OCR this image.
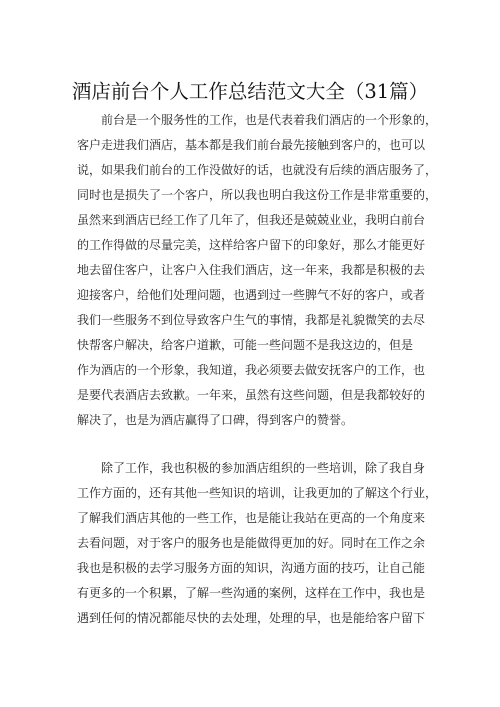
酒店前台个人工作总结范文大全（31篇）
　　前台是一个服务性的工作，也是代表着我们酒店的一个形象的，
客户走进我们酒店，基本都是我们前台最先接触到客户的，也可以
说，如果我们前台的工作没做好的话，也就没有后续的酒店服务了，
同时也是损失了一个客户，所以我也明白我这份工作是非常重要的，
虽然来到酒店已经工作了几年了，但我还是兢兢业业，我明白前台
的工作得做的尽量完美，这样给客户留下的印象好，那么才能更好
地去留住客户，让客户入住我们酒店，这一年来，我都是积极的去
迎接客户，给他们处理问题，也遇到过一些脾气不好的客户，或者
我们一些服务不到位导致客户生气的事情，我都是礼貌微笑的去尽
快帮客户解决，给客户道歉，可能一些问题不是我这边的，但是
作为酒店的一个形象，我知道，我必须要去做安抚客户的工作，也
是要代表酒店去致歉。一年来，虽然有这些问题，但是我都较好的
解决了，也是为酒店赢得了口碑，得到客户的赞誉。
　　除了工作，我也积极的参加酒店组织的一些培训，除了我自身
工作方面的，还有其他一些知识的培训，让我更加的了解这个行业，
了解我们酒店其他的一些工作，也是能让我站在更高的一个角度来
去看问题，对于客户的服务也是能做得更加的好。同时在工作之余
我也是积极的去学习服务方面的知识，沟通方面的技巧，让自己能
有更多的一个积累，了解一些沟通的案例，这样在工作中，我也是
遇到任何的情况都能尽快的去处理，处理的早，也是能给客户留下
